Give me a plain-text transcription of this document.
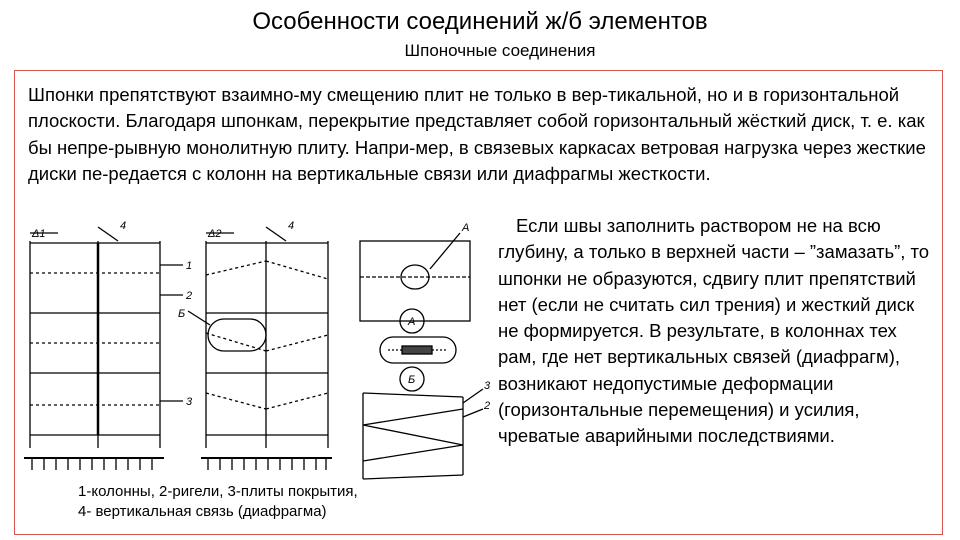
Особенности соединений ж/б элементов
Шпоночные соединения

Шпонки препятствуют взаимно-му смещению плит не только в вер-тикальной, но и в горизонтальной плоскости. Благодаря шпонкам, перекрытие представляет собой горизонтальный жёсткий диск, т. е. как бы непре-рывную монолитную плиту. Напри-мер, в связевых каркасах ветровая нагрузка через жесткие диски пе-редается с колонн на вертикальные связи или диафрагмы жесткости.

Если швы заполнить раствором не на всю глубину, а только в верхней части – ”замазать”, то шпонки не образуются, сдвигу плит препятствий нет (если не считать сил трения) и жесткий диск не формируется. В результате, в колоннах тех рам, где нет вертикальных связей (диафрагм), возникают недопустимые деформации (горизонтальные перемещения) и усилия, чреватые аварийными последствиями.

Δ1	Δ2
1
2
3
4	4
Б
А
А
Б	3
2
1-колонны, 2-ригели, 3-плиты покрытия,
4- вертикальная связь (диафрагма)
